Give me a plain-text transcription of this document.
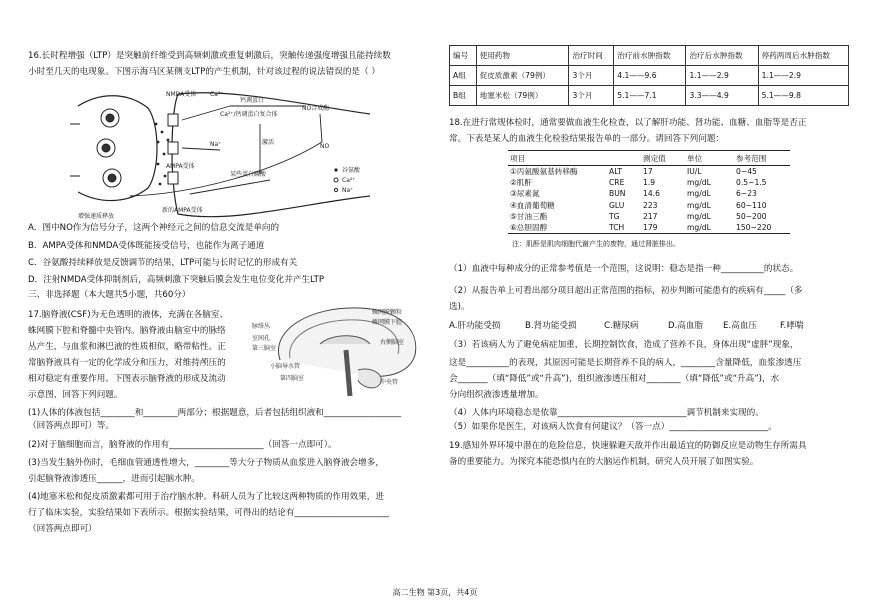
16.长时程增强（LTP）是突触前纤维受到高频刺激或重复刺激后，突触传递强度增强且能持续数
小时至几天的电现象。下图示海马区某侧支LTP的产生机制，针对该过程的说法错误的是（ ）
NMDA受体 Ca²⁺
钙调蛋白
Ca²⁺/钙调蛋白复合体
NO合成酶
Na⁺
AMPA受体
激活
NO
增强递质释放
某些蛋白磷酸
新的AMPA受体
谷氨酸
Ca²⁺
Na⁺
A．图中NO作为信号分子，这两个神经元之间的信息交流是单向的
B．AMPA受体和NMDA受体既能接受信号，也能作为离子通道
C．谷氨酸持续释放是反馈调节的结果，LTP可能与长时记忆的形成有关
D．注射NMDA受体抑制剂后，高频刺激下突触后膜会发生电位变化并产生LTP
三、非选择题（本大题共5小题，共60分）
17.脑脊液(CSF)为无色透明的液体，充满在各脑室、
蛛网膜下腔和脊髓中央管内。脑脊液由脑室中的脉络
丛产生，与血浆和淋巴液的性质相似，略带粘性。正
常脑脊液具有一定的化学成分和压力，对维持颅压的
相对稳定有重要作用。下图表示脑脊液的形成及流动
示意图，回答下列问题。
蛛网膜颗粒
蛛网膜下腔
脉络丛
室间孔
第三脑室
右侧脑室
小脑导水管
第四脑室
中央管
(1)人体的体液包括________和________两部分；根据题意，后者包括组织液和__________________
（回答两点即可）等。
(2)对于脑细胞而言，脑脊液的作用有______________________（回答一点即可）。
(3)当发生脑外伤时，毛细血管通透性增大，________等大分子物质从血浆进入脑脊液会增多，
引起脑脊液渗透压______，进而引起脑水肿。
(4)地塞米松和促皮质激素都可用于治疗脑水肿。科研人员为了比较这两种物质的作用效果，进
行了临床实验，实验结果如下表所示。根据实验结果，可得出的结论有______________________
（回答两点即可）
编号	使用药物	治疗时间	治疗前水肿指数	治疗后水肿指数	停药两周后水肿指数
A组	促皮质激素（79例）	3个月	4.1——9.6	1.1——2.9	1.1——2.9
B组	地塞米松（79例）	3个月	5.1——7.1	3.3——4.9	5.1——9.8
18.在进行常规体检时，通常要做血液生化检查，以了解肝功能、肾功能、血糖、血脂等是否正
常。下表是某人的血液生化检验结果报告单的一部分。请回答下列问题：
项目		测定值	单位	参考范围
①丙氨酸氨基转移酶	ALT	17	IU/L	0~45
②肌酐	CRE	1.9	mg/dL	0.5~1.5
③尿素氮	BUN	14.6	mg/dL	6~23
④血清葡萄糖	GLU	223	mg/dL	60~110
⑤甘油三酯	TG	217	mg/dL	50~200
⑥总胆固醇	TCH	179	mg/dL	150~220
注：肌酐是肌肉细胞代谢产生的废物，通过肾脏排出。
（1）血液中每种成分的正常参考值是一个范围，这说明：稳态是指一种__________的状态。
（2）从报告单上可看出部分项目超出正常范围的指标，初步判断可能患有的疾病有_____（多
选)。
A.肝功能受损	B.肾功能受损	C.糖尿病	D.高血脂 E.高血压	F.哮喘
（3）若该病人为了避免病症加重，长期控制饮食，造成了营养不良，身体出现“虚胖”现象，
这是__________的表现，其原因可能是长期营养不良的病人，________含量降低，血浆渗透压
会_______（填“降低”或“升高”)，组织液渗透压相对________（填“降低”或“升高”)，水
分向组织液渗透量增加。
（4）人体内环境稳态是依靠______________________________调节机制来实现的。
（5）如果你是医生，对该病人饮食有何建议？（答一点）_______________________。
19.感知外界环境中潜在的危险信息，快速躲避天敌并作出最适宜的防御反应是动物生存所需具
备的重要能力。为探究本能恐惧内在的大脑运作机制，研究人员开展了如图实验。
高二生物 第3页，共4页
